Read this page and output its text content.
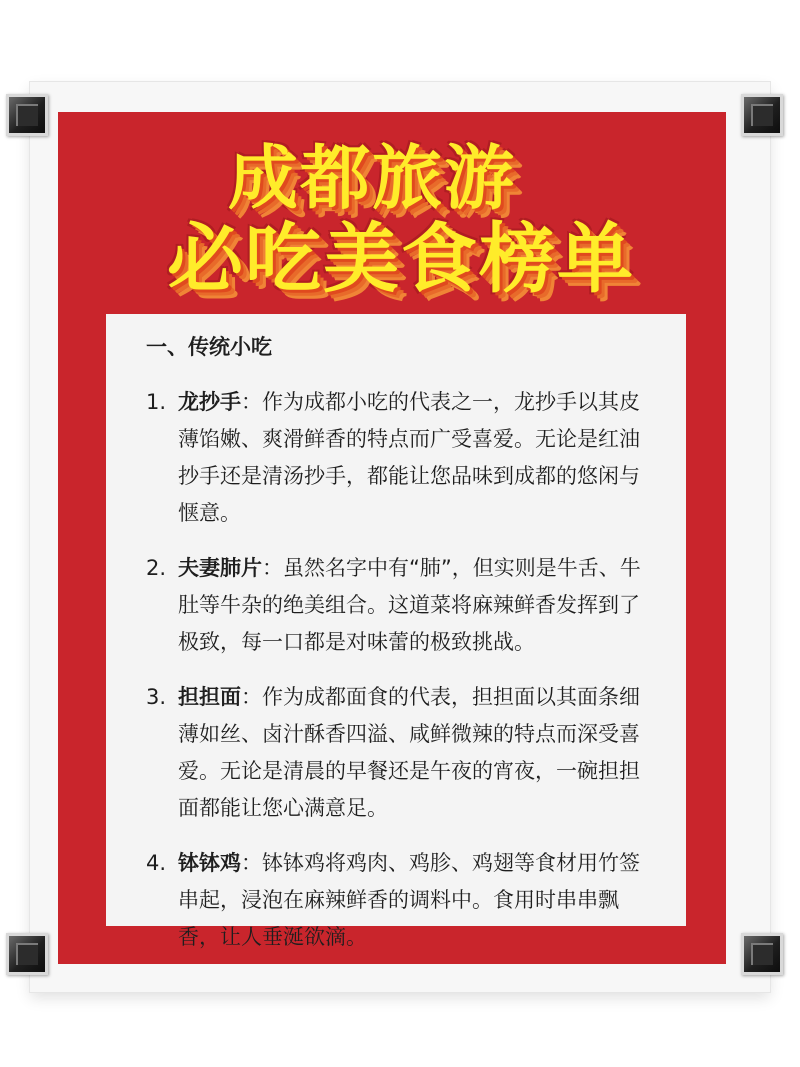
成都旅游
必吃美食榜单
一、传统小吃
1. 龙抄手：作为成都小吃的代表之一，龙抄手以其皮薄馅嫩、爽滑鲜香的特点而广受喜爱。无论是红油抄手还是清汤抄手，都能让您品味到成都的悠闲与惬意。
2. 夫妻肺片：虽然名字中有“肺”，但实则是牛舌、牛肚等牛杂的绝美组合。这道菜将麻辣鲜香发挥到了极致，每一口都是对味蕾的极致挑战。
3. 担担面：作为成都面食的代表，担担面以其面条细薄如丝、卤汁酥香四溢、咸鲜微辣的特点而深受喜爱。无论是清晨的早餐还是午夜的宵夜，一碗担担面都能让您心满意足。
4. 钵钵鸡：钵钵鸡将鸡肉、鸡胗、鸡翅等食材用竹签串起，浸泡在麻辣鲜香的调料中。食用时串串飘香，让人垂涎欲滴。
